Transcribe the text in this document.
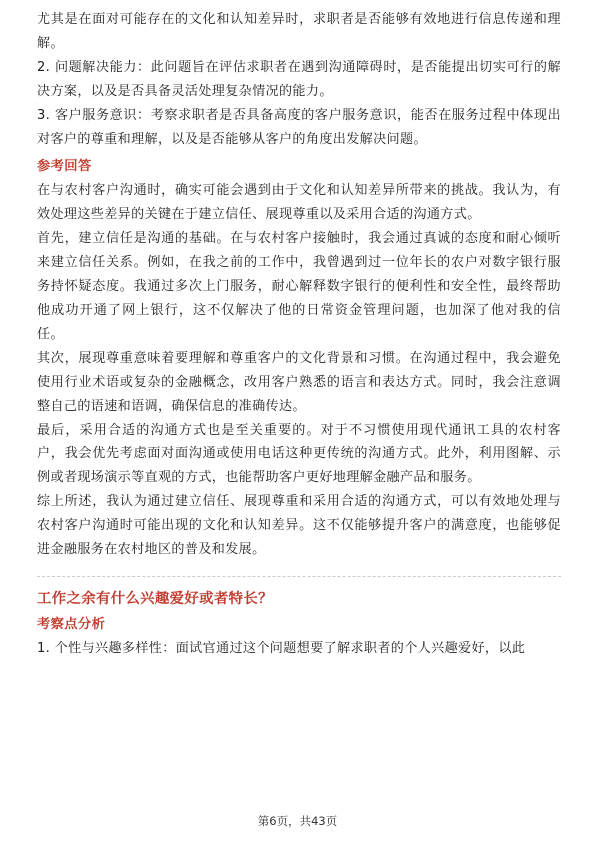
尤其是在面对可能存在的文化和认知差异时，求职者是否能够有效地进行信息传递和理解。

2. 问题解决能力：此问题旨在评估求职者在遇到沟通障碍时，是否能提出切实可行的解决方案，以及是否具备灵活处理复杂情况的能力。

3. 客户服务意识：考察求职者是否具备高度的客户服务意识，能否在服务过程中体现出对客户的尊重和理解，以及是否能够从客户的角度出发解决问题。

参考回答

在与农村客户沟通时，确实可能会遇到由于文化和认知差异所带来的挑战。我认为，有效处理这些差异的关键在于建立信任、展现尊重以及采用合适的沟通方式。

首先，建立信任是沟通的基础。在与农村客户接触时，我会通过真诚的态度和耐心倾听来建立信任关系。例如，在我之前的工作中，我曾遇到过一位年长的农户对数字银行服务持怀疑态度。我通过多次上门服务，耐心解释数字银行的便利性和安全性，最终帮助他成功开通了网上银行，这不仅解决了他的日常资金管理问题，也加深了他对我的信任。

其次，展现尊重意味着要理解和尊重客户的文化背景和习惯。在沟通过程中，我会避免使用行业术语或复杂的金融概念，改用客户熟悉的语言和表达方式。同时，我会注意调整自己的语速和语调，确保信息的准确传达。

最后，采用合适的沟通方式也是至关重要的。对于不习惯使用现代通讯工具的农村客户，我会优先考虑面对面沟通或使用电话这种更传统的沟通方式。此外，利用图解、示例或者现场演示等直观的方式，也能帮助客户更好地理解金融产品和服务。

综上所述，我认为通过建立信任、展现尊重和采用合适的沟通方式，可以有效地处理与农村客户沟通时可能出现的文化和认知差异。这不仅能够提升客户的满意度，也能够促进金融服务在农村地区的普及和发展。

工作之余有什么兴趣爱好或者特长？

考察点分析

1. 个性与兴趣多样性：面试官通过这个问题想要了解求职者的个人兴趣爱好，以此

第6页，共43页
